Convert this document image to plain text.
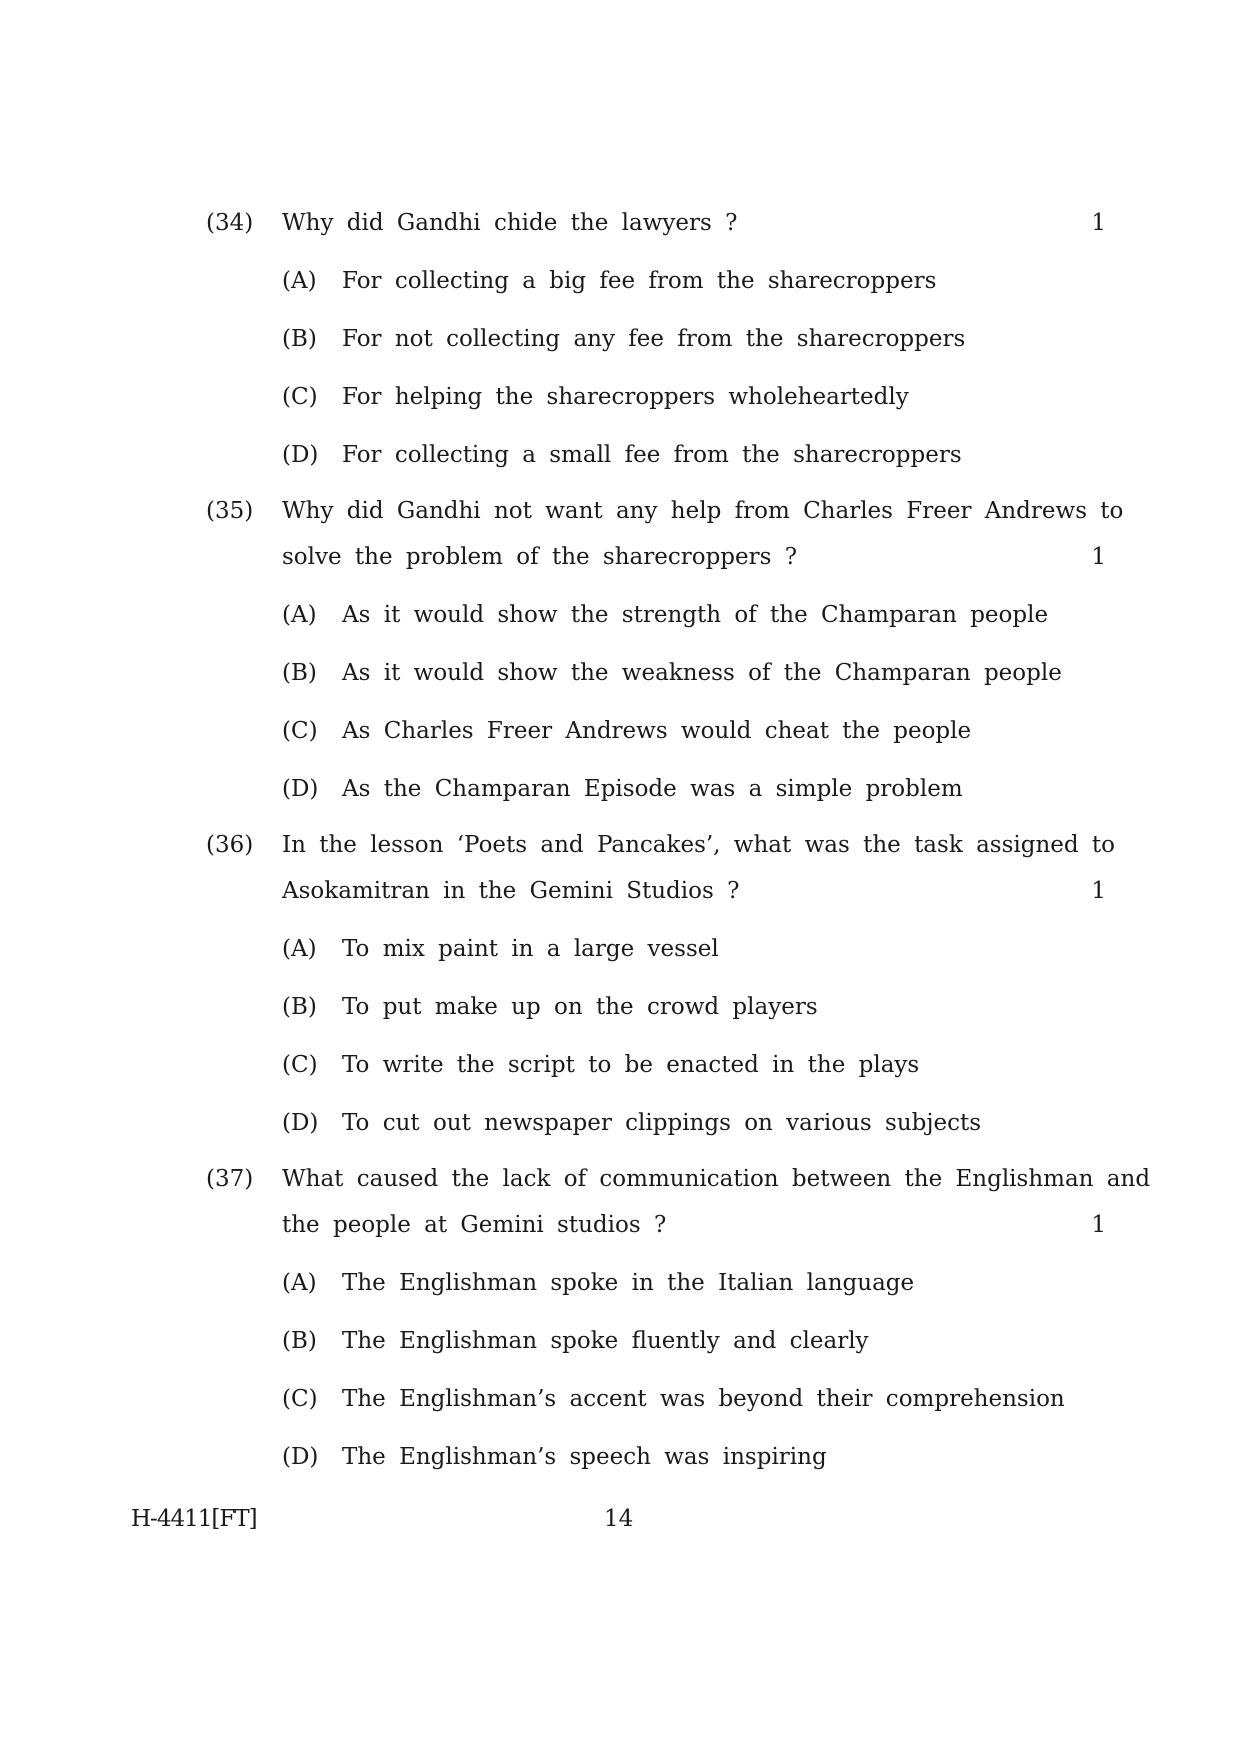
(34) Why did Gandhi chide the lawyers ?	1
(A) For collecting a big fee from the sharecroppers
(B) For not collecting any fee from the sharecroppers
(C) For helping the sharecroppers wholeheartedly
(D) For collecting a small fee from the sharecroppers
(35) Why did Gandhi not want any help from Charles Freer Andrews to
solve the problem of the sharecroppers ?	1
(A) As it would show the strength of the Champaran people
(B) As it would show the weakness of the Champaran people
(C) As Charles Freer Andrews would cheat the people
(D) As the Champaran Episode was a simple problem
(36) In the lesson ‘Poets and Pancakes’, what was the task assigned to
Asokamitran in the Gemini Studios ?	1
(A) To mix paint in a large vessel
(B) To put make up on the crowd players
(C) To write the script to be enacted in the plays
(D) To cut out newspaper clippings on various subjects
(37) What caused the lack of communication between the Englishman and
the people at Gemini studios ?	1
(A) The Englishman spoke in the Italian language
(B) The Englishman spoke fluently and clearly
(C) The Englishman’s accent was beyond their comprehension
(D) The Englishman’s speech was inspiring
H-4411[FT]	14
